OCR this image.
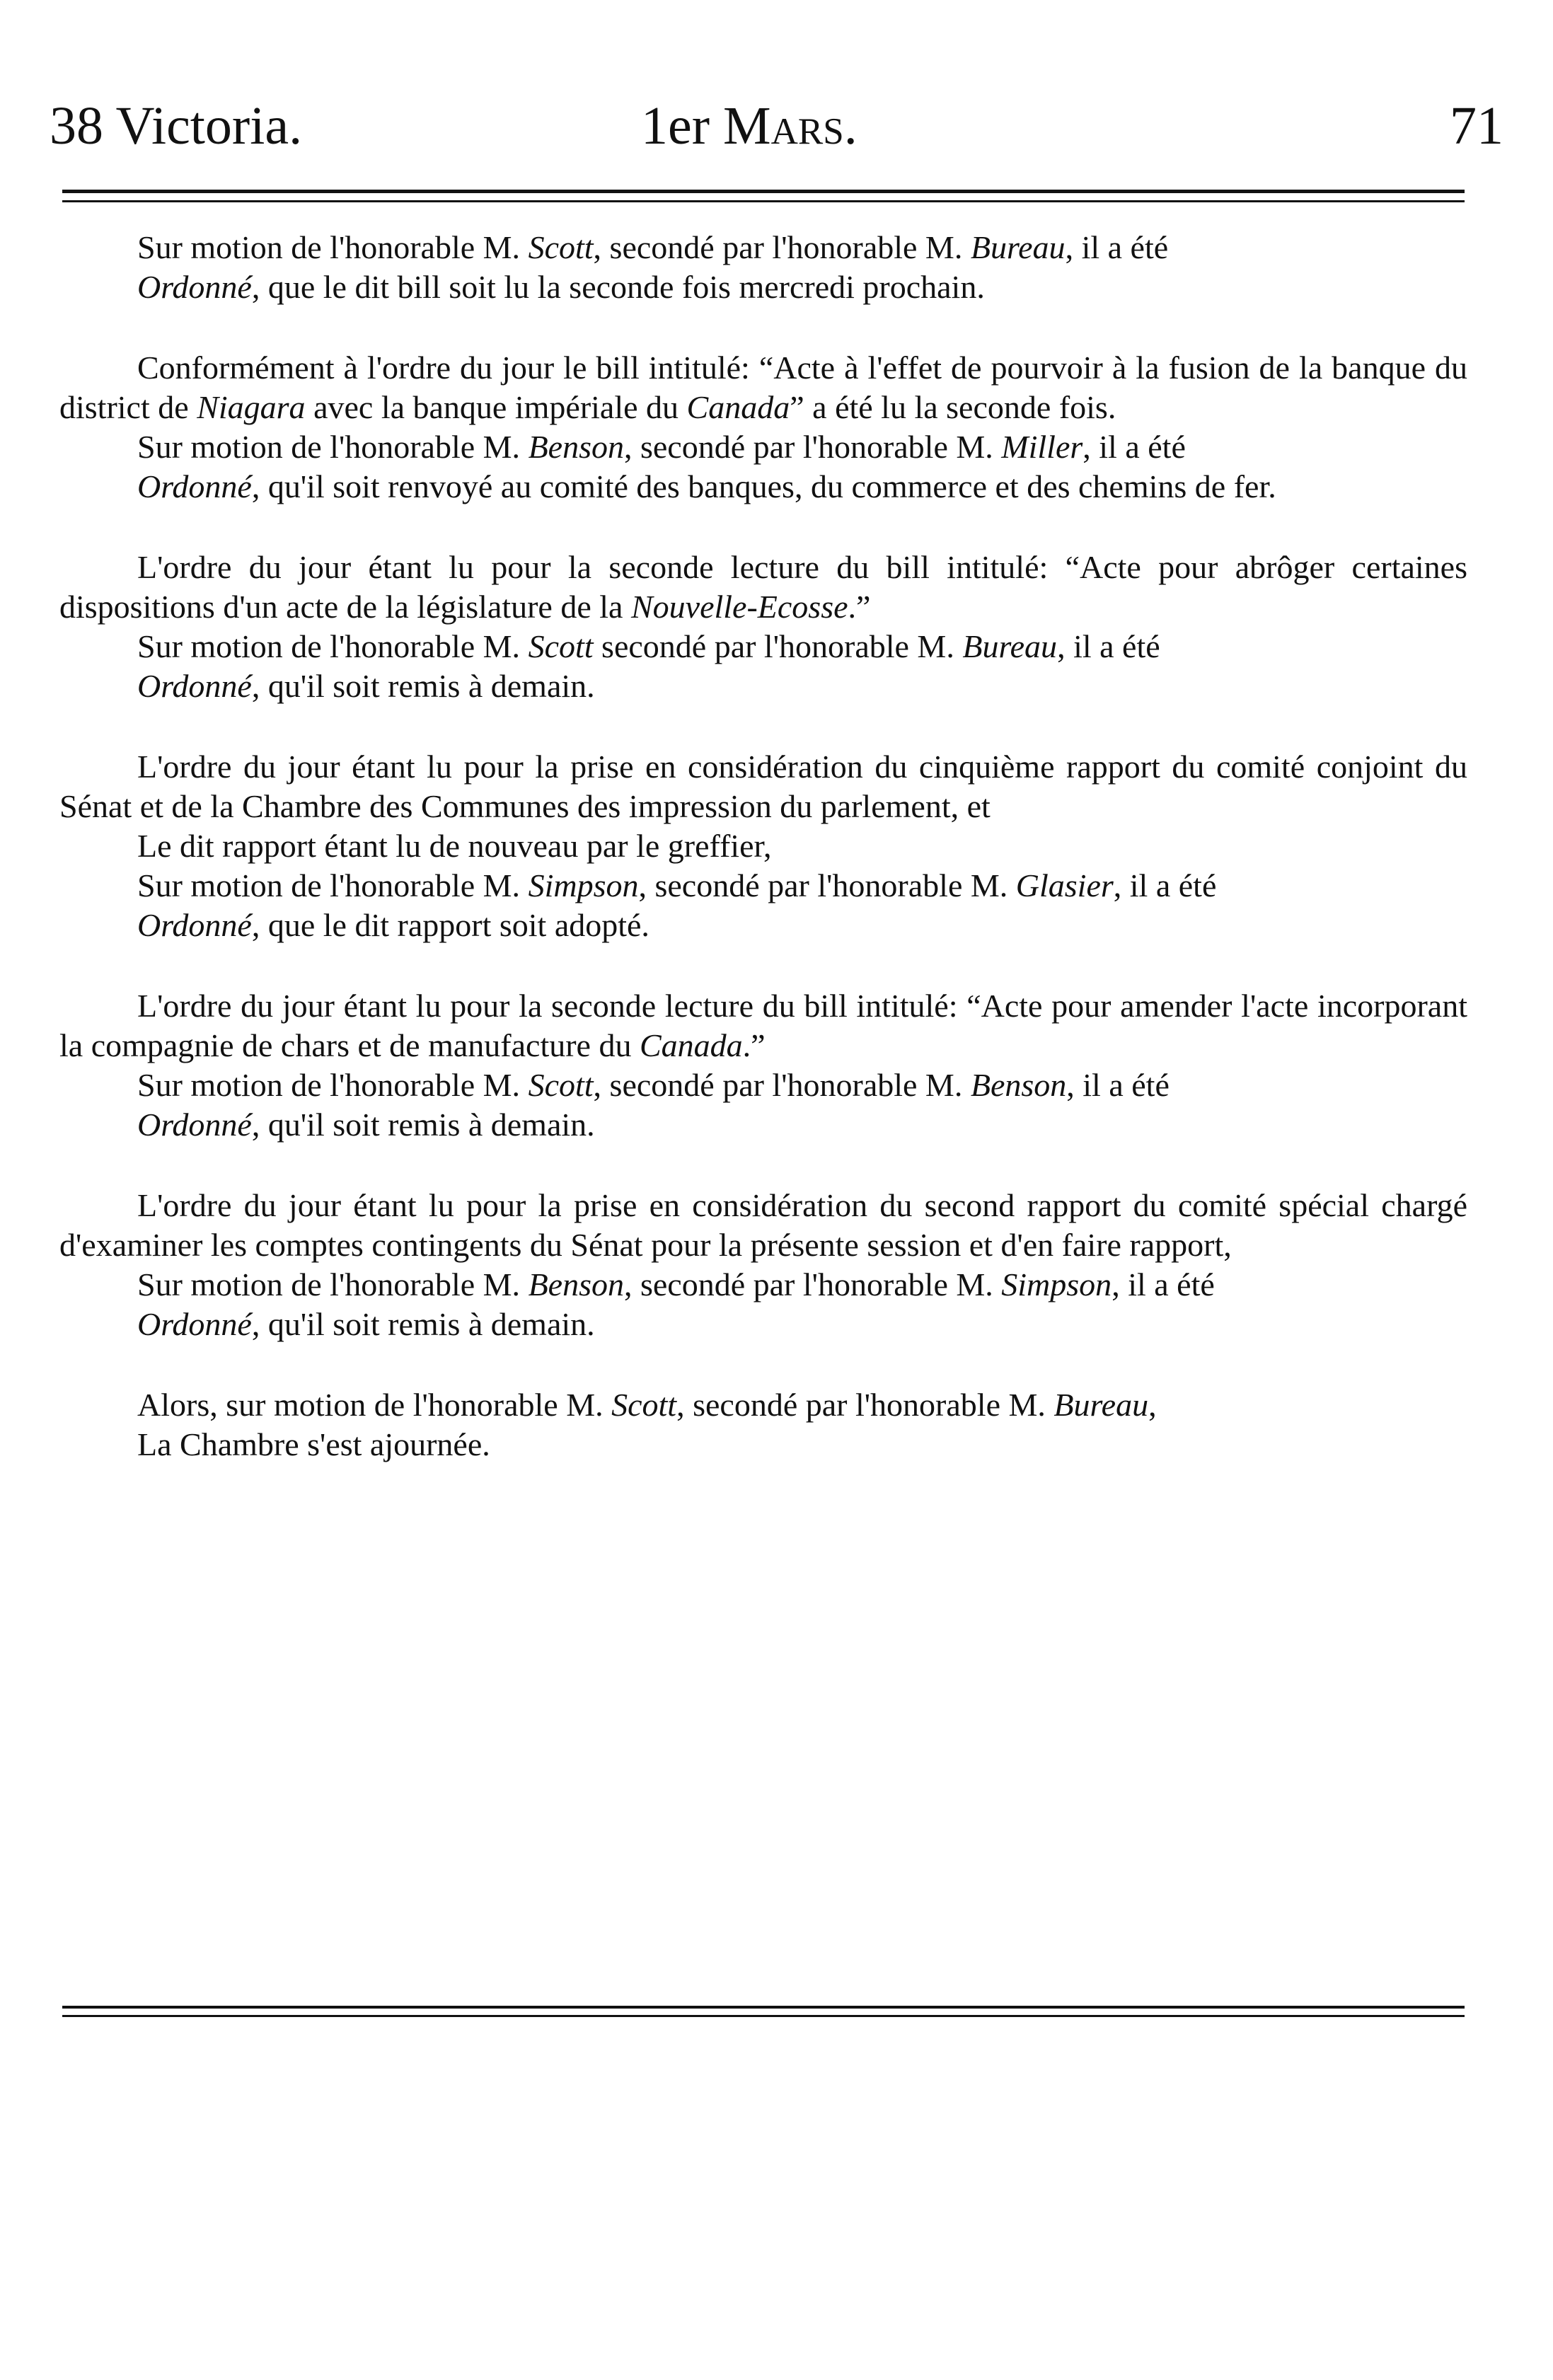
38 Victoria.	1er Mars.	71

Sur motion de l'honorable M. Scott, secondé par l'honorable M. Bureau, il a été

Ordonné, que le dit bill soit lu la seconde fois mercredi prochain.

Conformément à l'ordre du jour le bill intitulé: “Acte à l'effet de pourvoir à la fusion de la banque du district de Niagara avec la banque impériale du Canada” a été lu la seconde fois.

Sur motion de l'honorable M. Benson, secondé par l'honorable M. Miller, il a été

Ordonné, qu'il soit renvoyé au comité des banques, du commerce et des chemins de fer.

L'ordre du jour étant lu pour la seconde lecture du bill intitulé: “Acte pour abrôger certaines dispositions d'un acte de la législature de la Nouvelle-Ecosse.”

Sur motion de l'honorable M. Scott secondé par l'honorable M. Bureau, il a été

Ordonné, qu'il soit remis à demain.

L'ordre du jour étant lu pour la prise en considération du cinquième rapport du comité conjoint du Sénat et de la Chambre des Communes des impression du parlement, et

Le dit rapport étant lu de nouveau par le greffier,

Sur motion de l'honorable M. Simpson, secondé par l'honorable M. Glasier, il a été

Ordonné, que le dit rapport soit adopté.

L'ordre du jour étant lu pour la seconde lecture du bill intitulé: “Acte pour amender l'acte incorporant la compagnie de chars et de manufacture du Canada.”

Sur motion de l'honorable M. Scott, secondé par l'honorable M. Benson, il a été

Ordonné, qu'il soit remis à demain.

L'ordre du jour étant lu pour la prise en considération du second rapport du comité spécial chargé d'examiner les comptes contingents du Sénat pour la présente session et d'en faire rapport,

Sur motion de l'honorable M. Benson, secondé par l'honorable M. Simpson, il a été

Ordonné, qu'il soit remis à demain.

Alors, sur motion de l'honorable M. Scott, secondé par l'honorable M. Bureau,

La Chambre s'est ajournée.
